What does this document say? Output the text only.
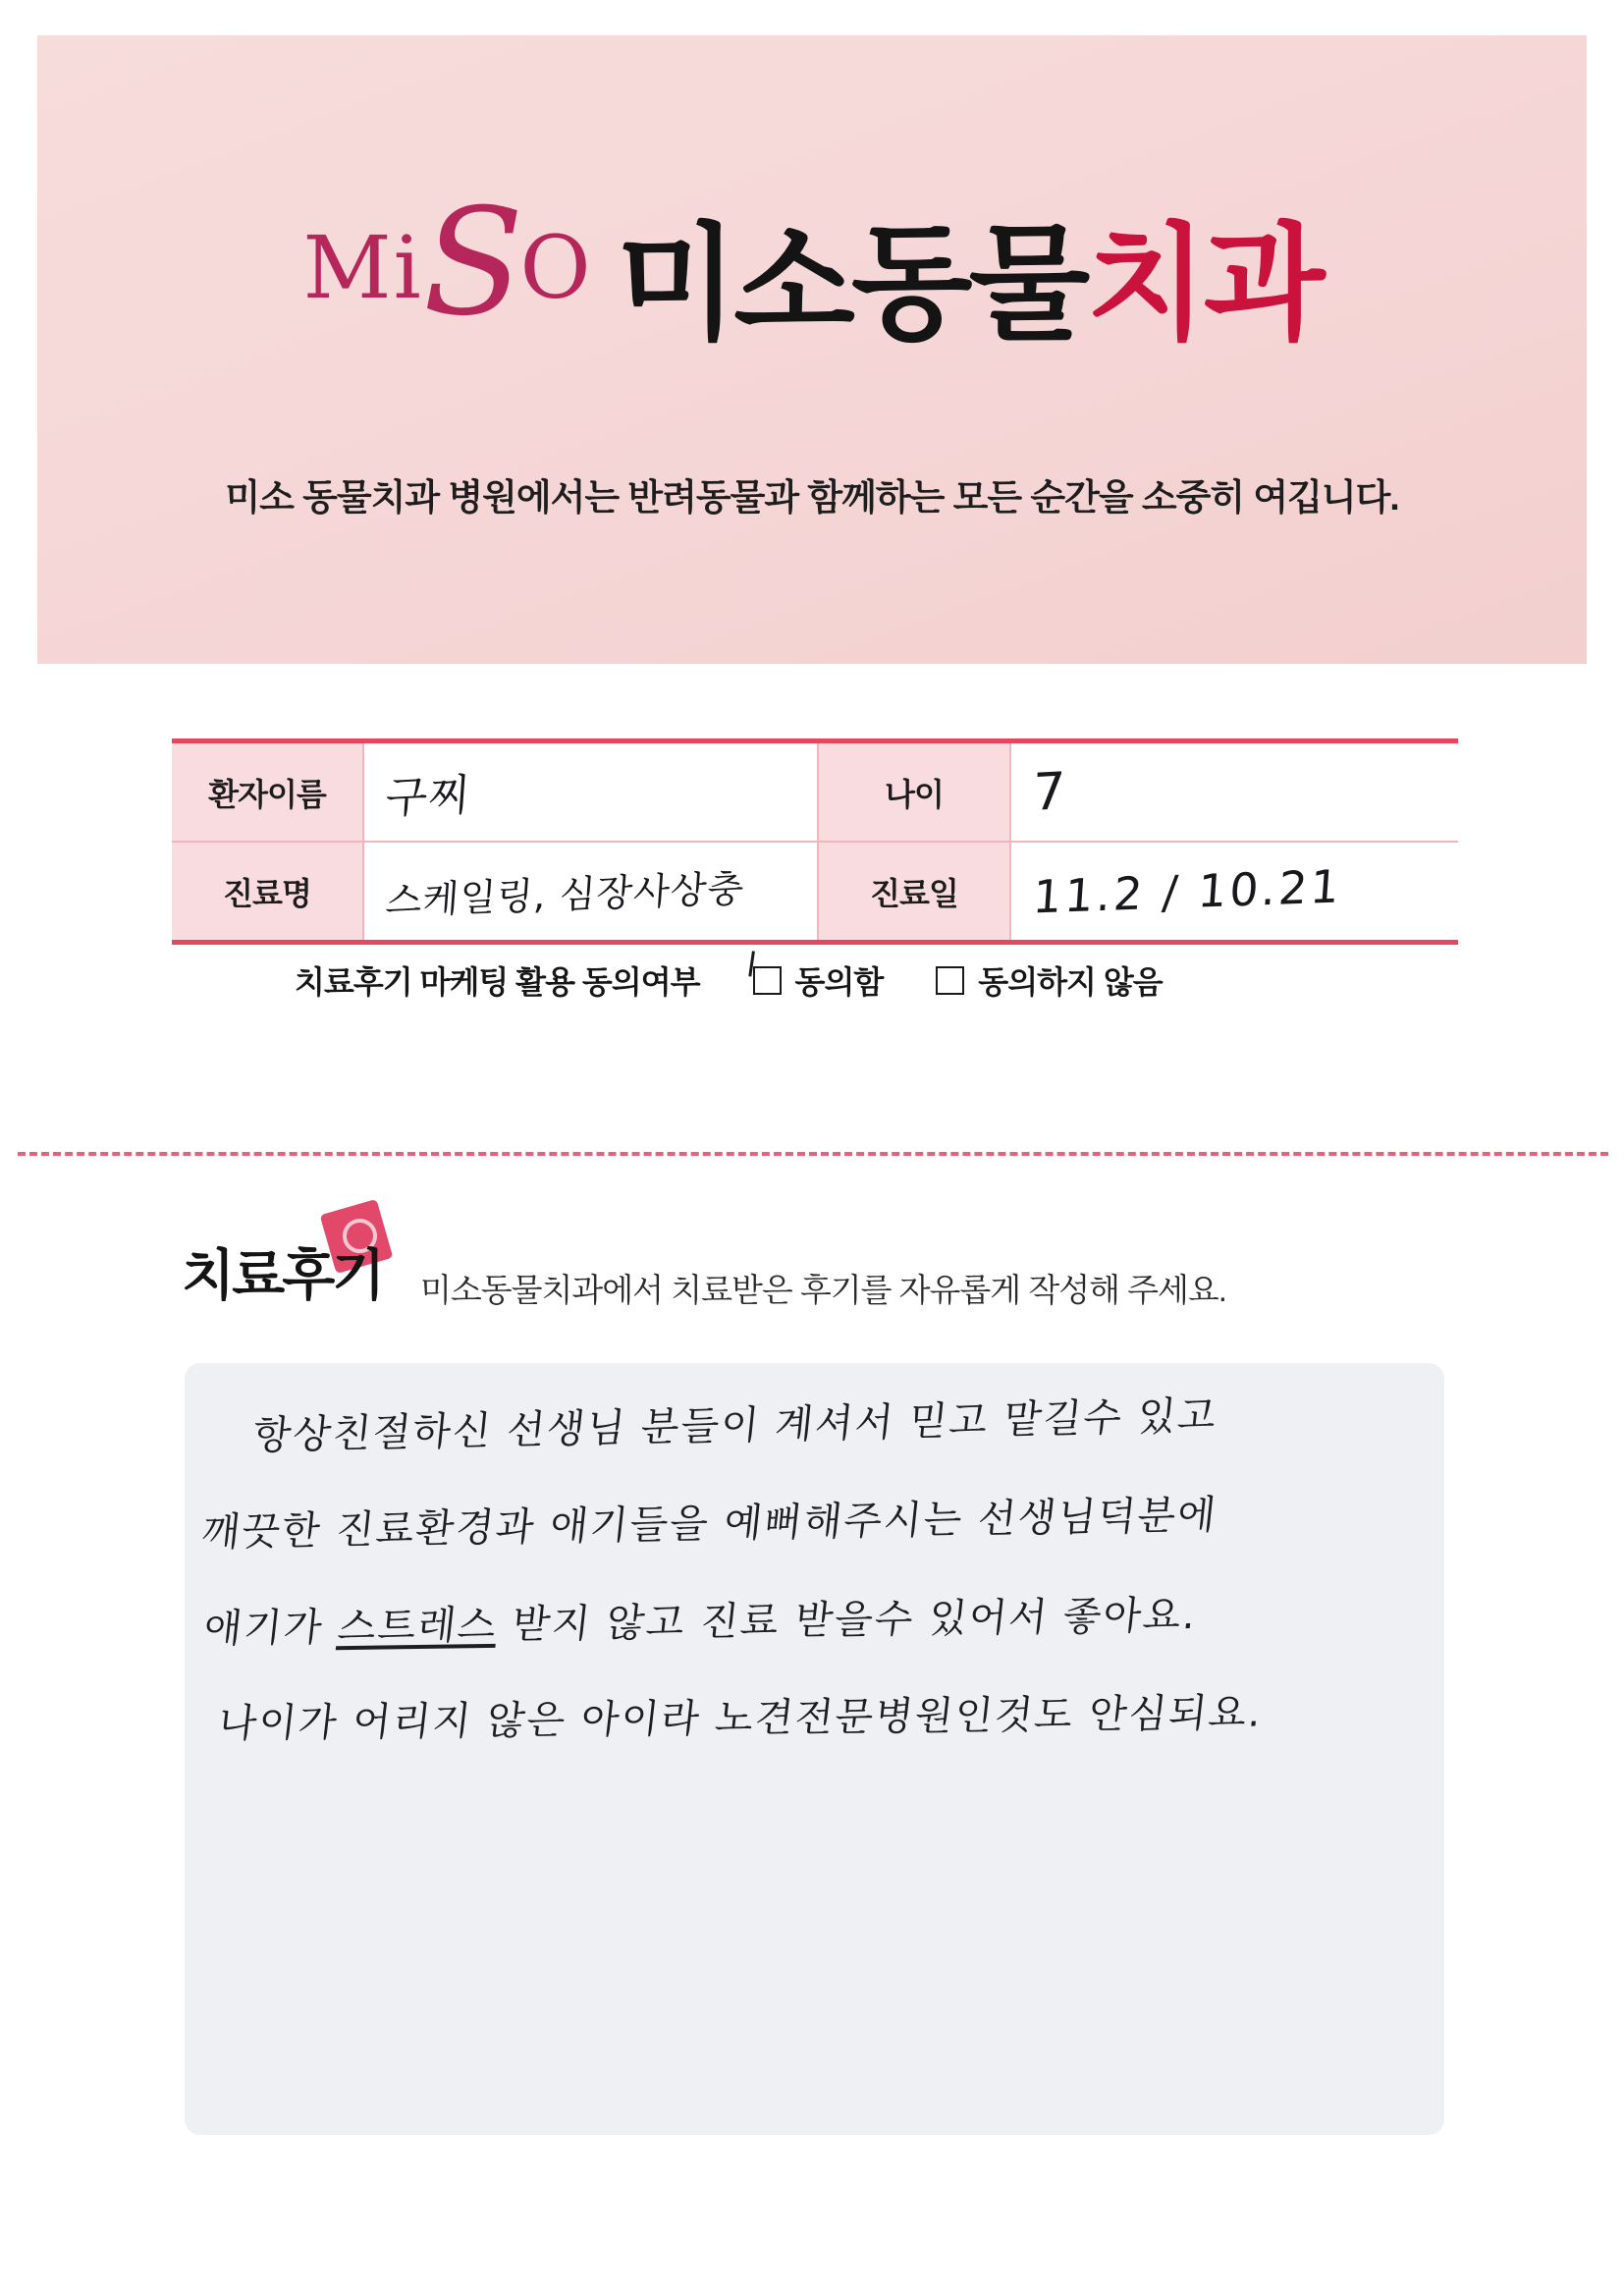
MiSO 미소동물치과
미소 동물치과 병원에서는 반려동물과 함께하는 모든 순간을 소중히 여깁니다.
환자이름	구찌	나이	7
진료명	스케일링, 심장사상충	진료일	11.2 / 10.21
치료후기 마케팅 활용 동의여부	동의함	동의하지 않음
치료후기 미소동물치과에서 치료받은 후기를 자유롭게 작성해 주세요.
항상친절하신 선생님 분들이 계셔서 믿고 맡길수 있고
깨끗한 진료환경과 애기들을 예뻐해주시는 선생님덕분에
애기가 스트레스 받지 않고 진료 받을수 있어서 좋아요.
나이가 어리지 않은 아이라 노견전문병원인것도 안심되요.
